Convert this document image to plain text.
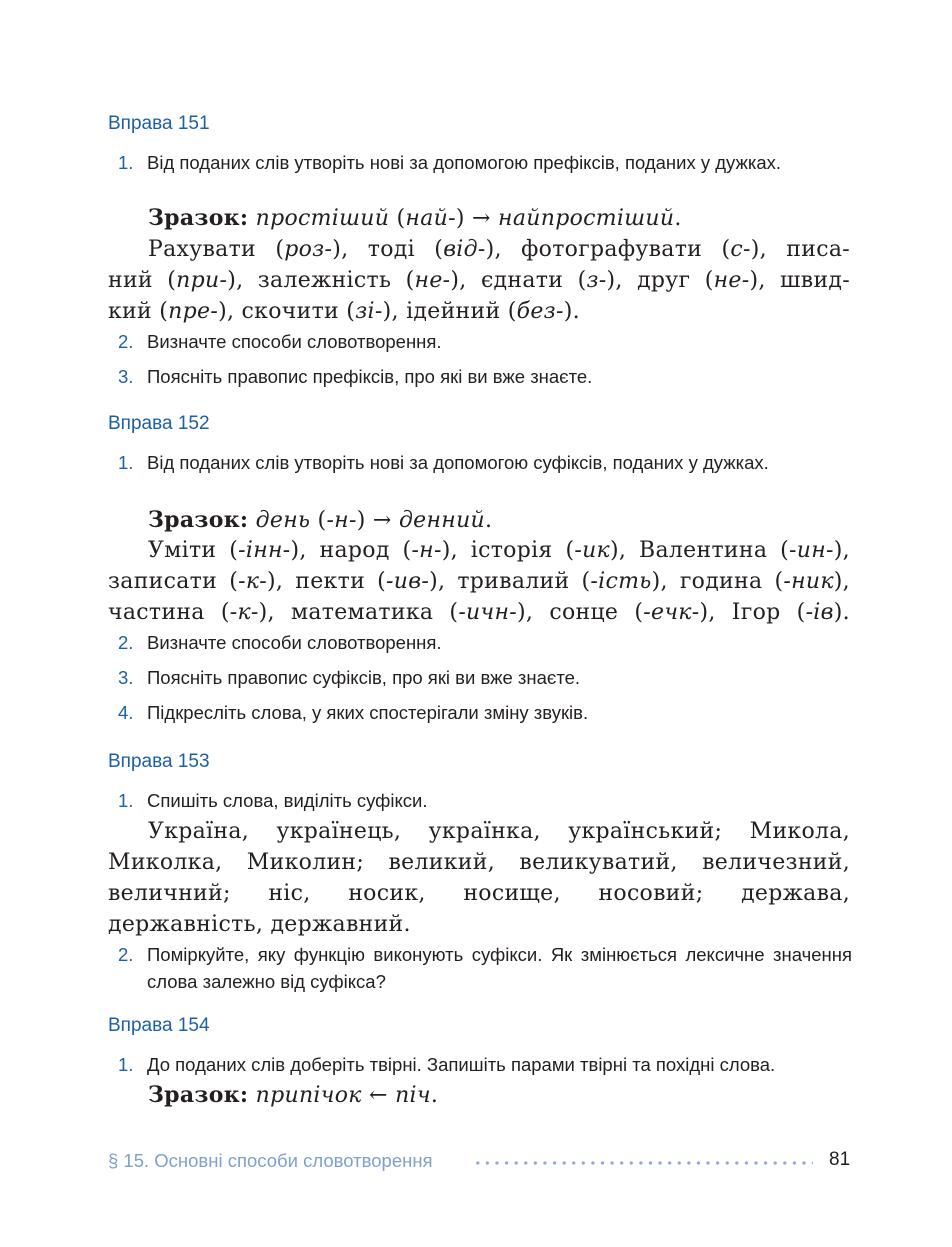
Вправа 151
1. Від поданих слів утворіть нові за допомогою префіксів, поданих у дужках.
Зразок: простіший (най-) → найпростіший.
Рахувати (роз-), тоді (від-), фотографувати (с-), писа-
ний (при-), залежність (не-), єднати (з-), друг (не-), швид-
кий (пре-), скочити (зі-), ідейний (без-).
2. Визначте способи словотворення.
3. Поясніть правопис префіксів, про які ви вже знаєте.
Вправа 152
1. Від поданих слів утворіть нові за допомогою суфіксів, поданих у дужках.
Зразок: день (-н-) → денний.
Уміти (-інн-), народ (-н-), історія (-ик), Валентина (-ин-),
записати (-к-), пекти (-ив-), тривалий (-ість), година (-ник),
частина (-к-), математика (-ичн-), сонце (-ечк-), Ігор (-ів).
2. Визначте способи словотворення.
3. Поясніть правопис суфіксів, про які ви вже знаєте.
4. Підкресліть слова, у яких спостерігали зміну звуків.
Вправа 153
1. Спишіть слова, виділіть суфікси.
Україна, українець, українка, український; Микола, Миколка, Миколин; великий, великуватий, величезний, величний; ніс, носик, носище, носовий; держава, державність, державний.
2. Поміркуйте, яку функцію виконують суфікси. Як змінюється лексичне значення слова залежно від суфікса?
Вправа 154
1. До поданих слів доберіть твірні. Запишіть парами твірні та похідні слова.
Зразок: припічок ← піч.
§ 15. Основні способи словотворення	81
